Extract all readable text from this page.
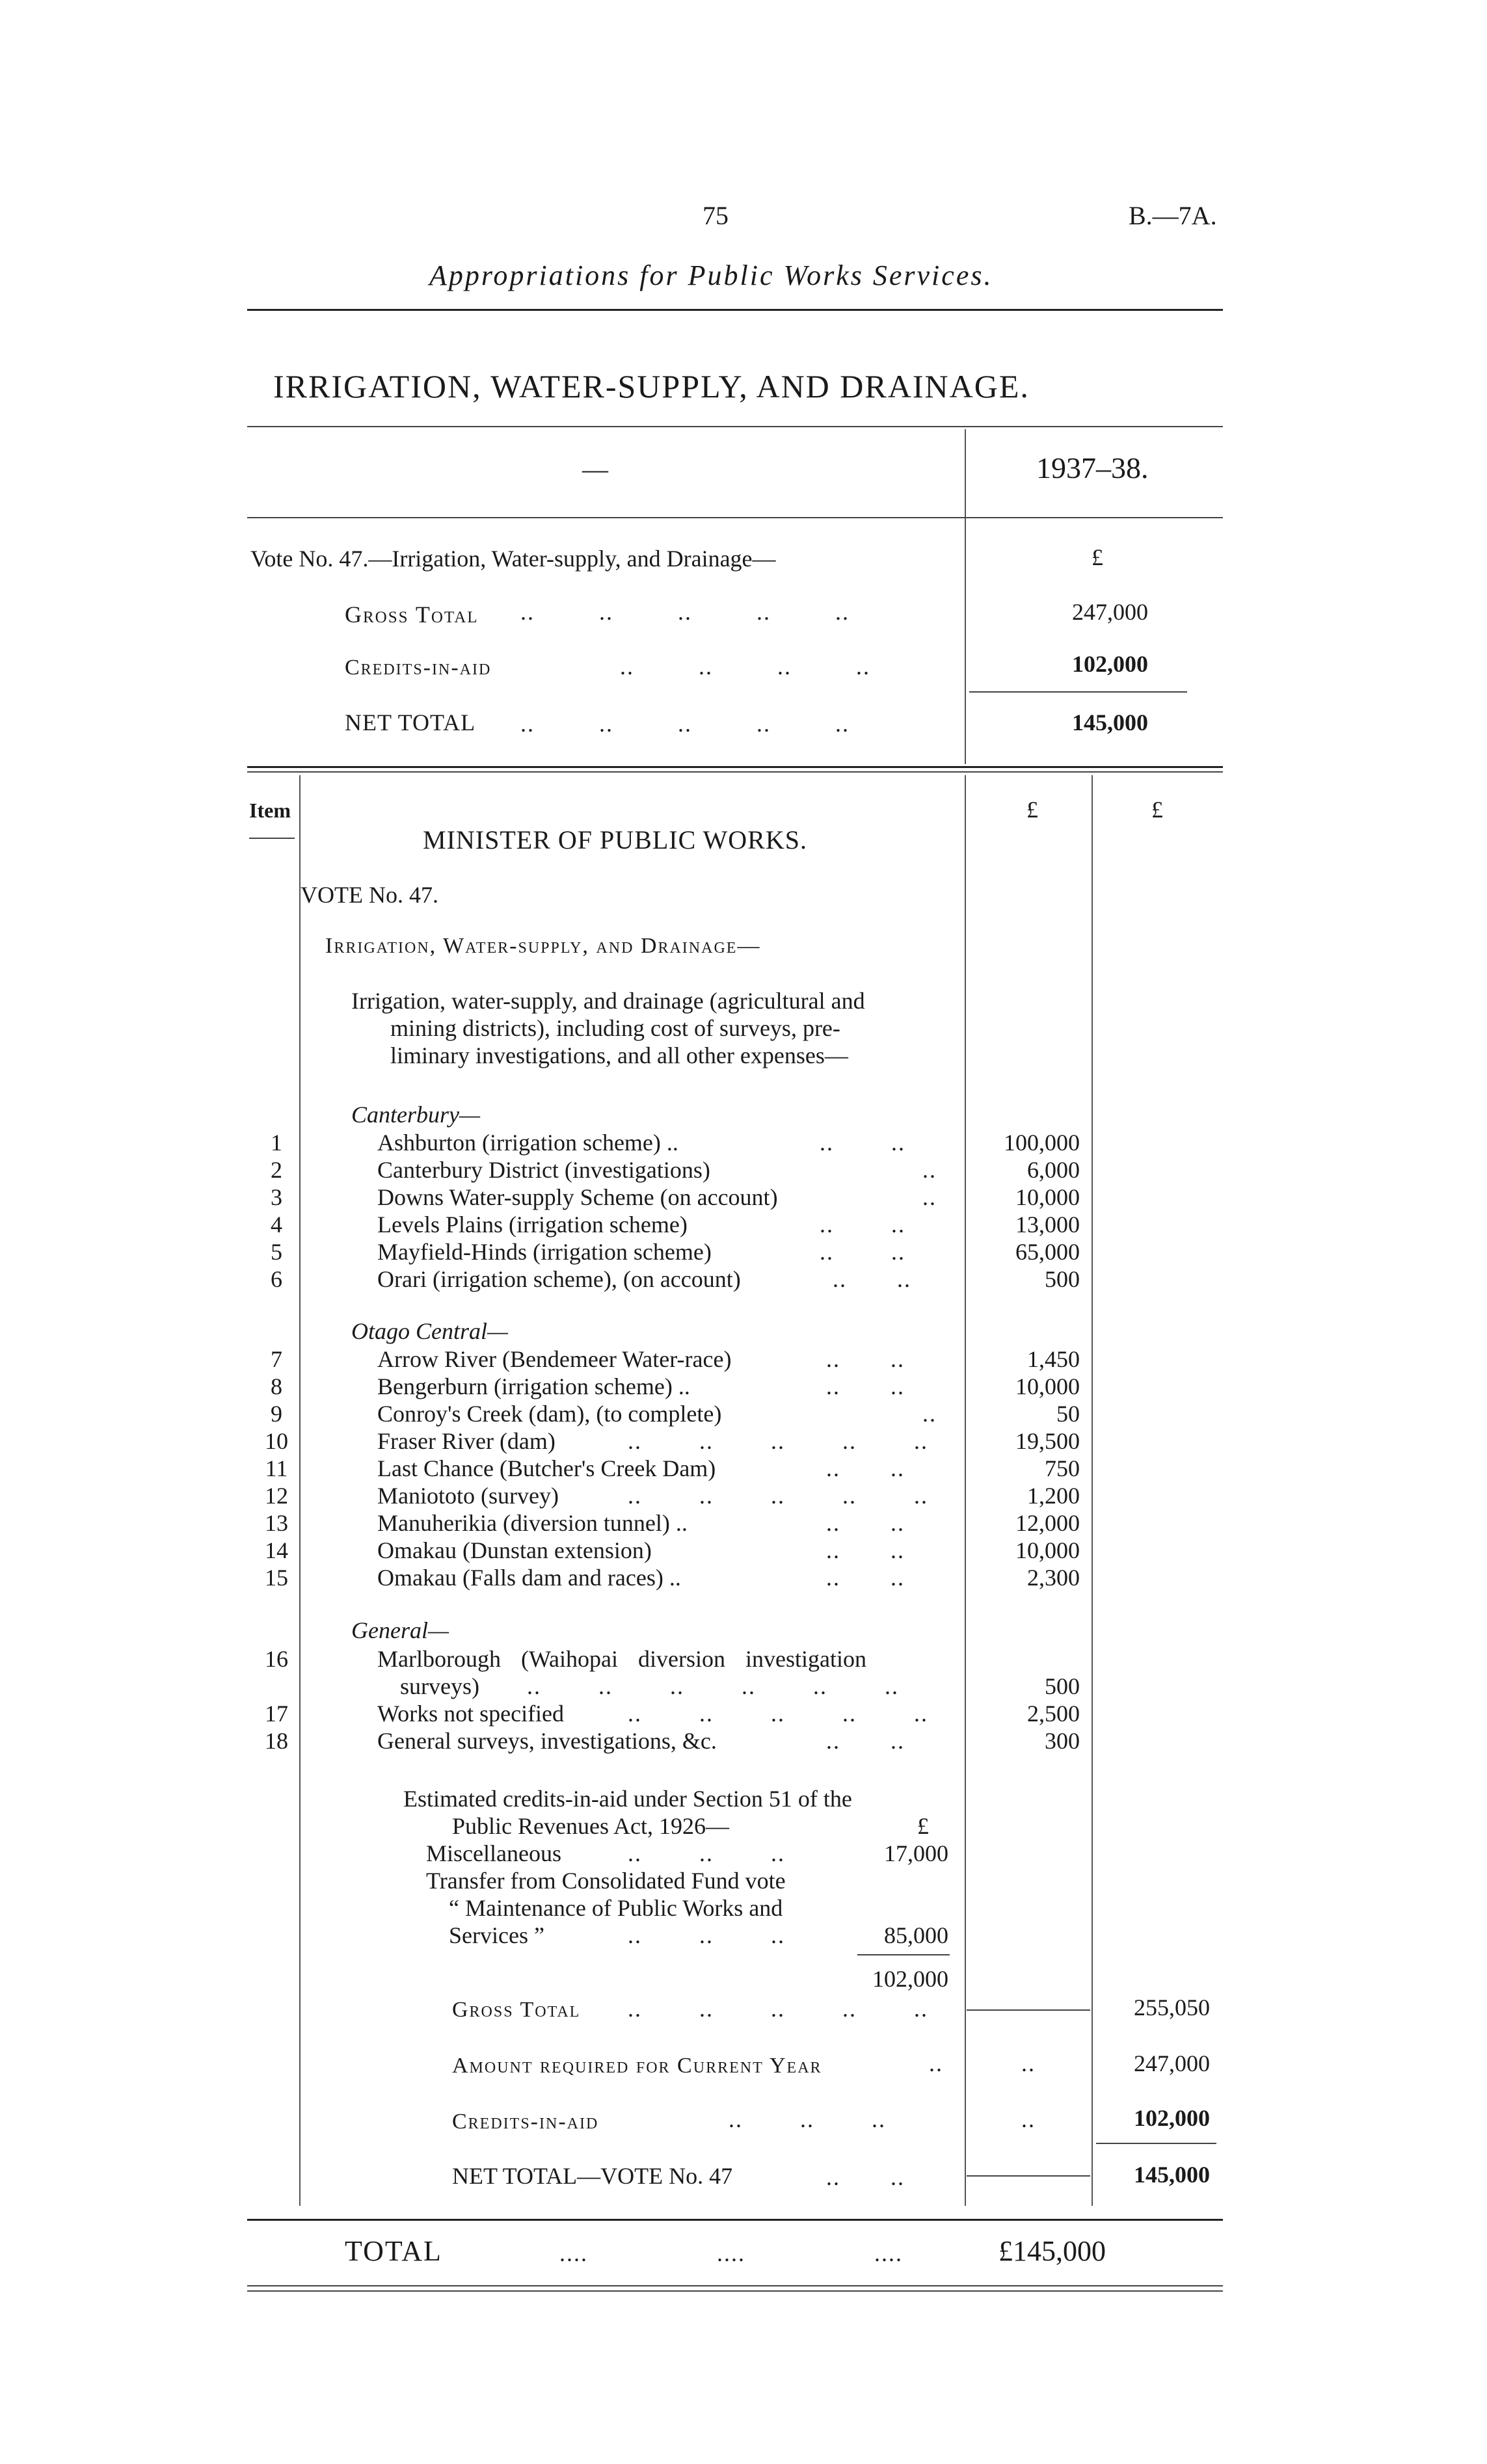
75	B.—7A.
Appropriations for Public Works Services.
IRRIGATION, WATER-SUPPLY, AND DRAINAGE.
—	1937–38.
Vote No. 47.—Irrigation, Water-supply, and Drainage—	£
Gross Total ..         ..         ..         ..         ..	247,000
Credits-in-aid	..         ..         ..         ..	102,000
NET TOTAL ..         ..         ..         ..         ..	145,000
Item	£	£
MINISTER OF PUBLIC WORKS.
VOTE No. 47.
Irrigation, Water-supply, and Drainage—
Irrigation, water-supply, and drainage (agricultural and
mining districts), including cost of surveys, pre-
liminary investigations, and all other expenses—
Canterbury—
1	Ashburton (irrigation scheme) ..	..        ..	100,000
2	Canterbury District (investigations)	..	6,000
3	Downs Water-supply Scheme (on account)	..	10,000
4	Levels Plains (irrigation scheme)	..        ..	13,000
5	Mayfield-Hinds (irrigation scheme)	..        ..	65,000
6	Orari (irrigation scheme), (on account)	..       ..	500
Otago Central—
7	Arrow River (Bendemeer Water-race)	..       ..	1,450
8	Bengerburn (irrigation scheme) ..	..       ..	10,000
9	Conroy's Creek (dam), (to complete)	..	50
10	Fraser River (dam)	..        ..        ..        ..        ..	19,500
11	Last Chance (Butcher's Creek Dam)	..       ..	750
12	Maniototo (survey)	..        ..        ..        ..        ..	1,200
13	Manuherikia (diversion tunnel) ..	..       ..	12,000
14	Omakau (Dunstan extension)	..       ..	10,000
15	Omakau (Falls dam and races) ..	..       ..	2,300
General—
16	Marlborough (Waihopai diversion investigation
surveys) ..        ..        ..        ..        ..        ..	500
17	Works not specified	..        ..        ..        ..        ..	2,500
18	General surveys, investigations, &c.	..       ..	300
Estimated credits-in-aid under Section 51 of the
Public Revenues Act, 1926—	£
Miscellaneous	..        ..        ..	17,000
Transfer from Consolidated Fund vote
“ Maintenance of Public Works and
Services ”	..        ..        ..	85,000
102,000
Gross Total ..        ..        ..        ..        ..	255,050
Amount required for Current Year	..	..	247,000
Credits-in-aid	..        ..        ..	..	102,000
NET TOTAL—VOTE No. 47	..       ..	145,000
TOTAL	....                  ....                  ....	£145,000
